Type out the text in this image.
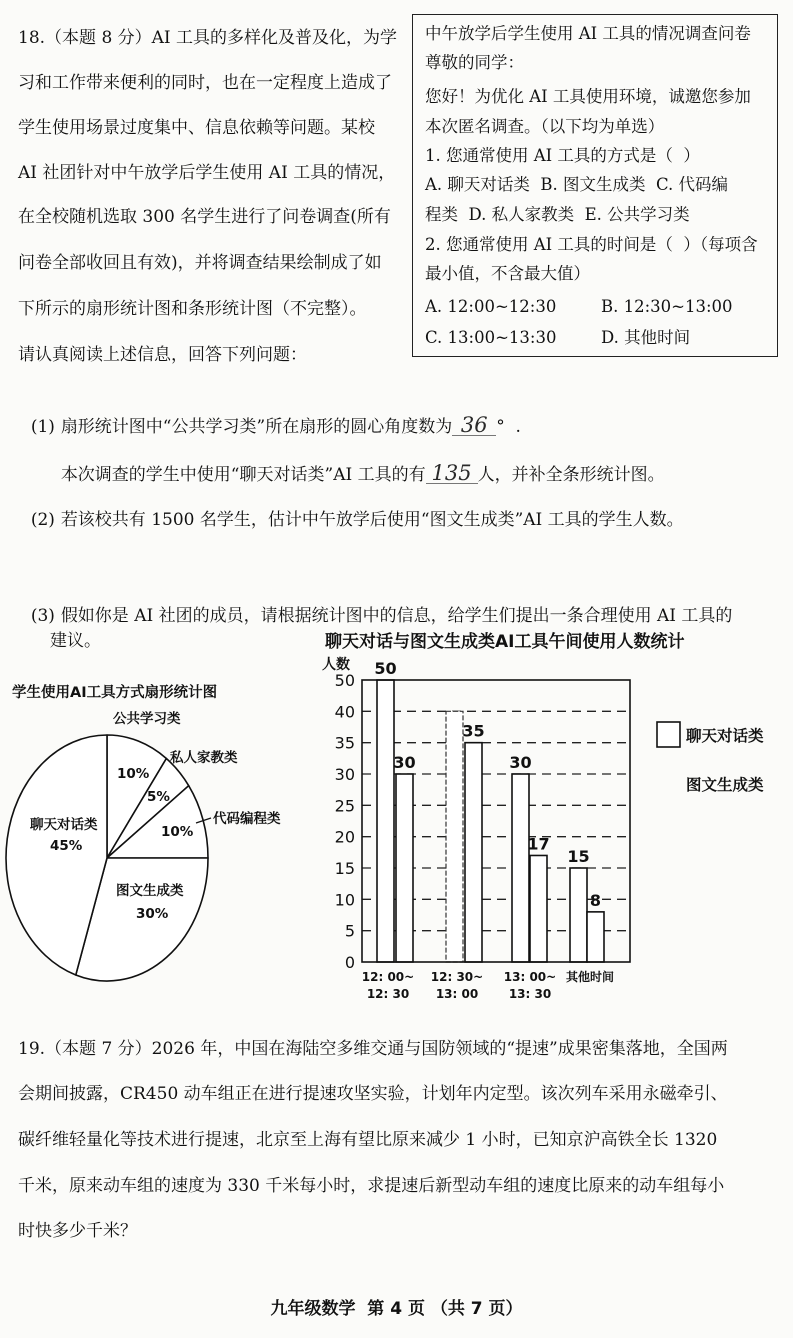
18.（本题 8 分）AI 工具的多样化及普及化，为学
习和工作带来便利的同时，也在一定程度上造成了
学生使用场景过度集中、信息依赖等问题。某校
AI 社团针对中午放学后学生使用 AI 工具的情况，
在全校随机选取 300 名学生进行了问卷调查(所有
问卷全部收回且有效)，并将调查结果绘制成了如
下所示的扇形统计图和条形统计图（不完整）。
请认真阅读上述信息，回答下列问题：
中午放学后学生使用 AI 工具的情况调查问卷
尊敬的同学：
您好！为优化 AI 工具使用环境，诚邀您参加
本次匿名调查。（以下均为单选）
1. 您通常使用 AI 工具的方式是（  ）
A. 聊天对话类  B. 图文生成类  C. 代码编
程类  D. 私人家教类  E. 公共学习类
2. 您通常使用 AI 工具的时间是（  ）（每项含
最小值，不含最大值）
A. 12:00~12:30	B. 12:30~13:00
C. 13:00~13:30	D. 其他时间

(1) 扇形统计图中“公共学习类”所在扇形的圆心角度数为 36 °  .

本次调查的学生中使用“聊天对话类”AI 工具的有 135 人，并补全条形统计图。

(2) 若该校共有 1500 名学生，估计中午放学后使用“图文生成类”AI 工具的学生人数。

(3) 假如你是 AI 社团的成员，请根据统计图中的信息，给学生们提出一条合理使用 AI 工具的

建议。
学生使用AI工具方式扇形统计图
公共学习类
10%
私人家教类
5%
代码编程类
10%
图文生成类
30%
聊天对话类
45%
聊天对话与图文生成类AI工具午间使用人数统计
人数
0
5
10
15
20
25
30
35
40
50
50
30
15
30
35
17
8
12: 00~
12: 30
12: 30~
13: 00
13: 00~
13: 30
其他时间
聊天对话类
图文生成类
19.（本题 7 分）2026 年，中国在海陆空多维交通与国防领域的“提速”成果密集落地，全国两
会期间披露，CR450 动车组正在进行提速攻坚实验，计划年内定型。该次列车采用永磁牵引、
碳纤维轻量化等技术进行提速，北京至上海有望比原来减少 1 小时，已知京沪高铁全长 1320
千米，原来动车组的速度为 330 千米每小时，求提速后新型动车组的速度比原来的动车组每小
时快多少千米？
九年级数学  第 4 页 （共 7 页）
